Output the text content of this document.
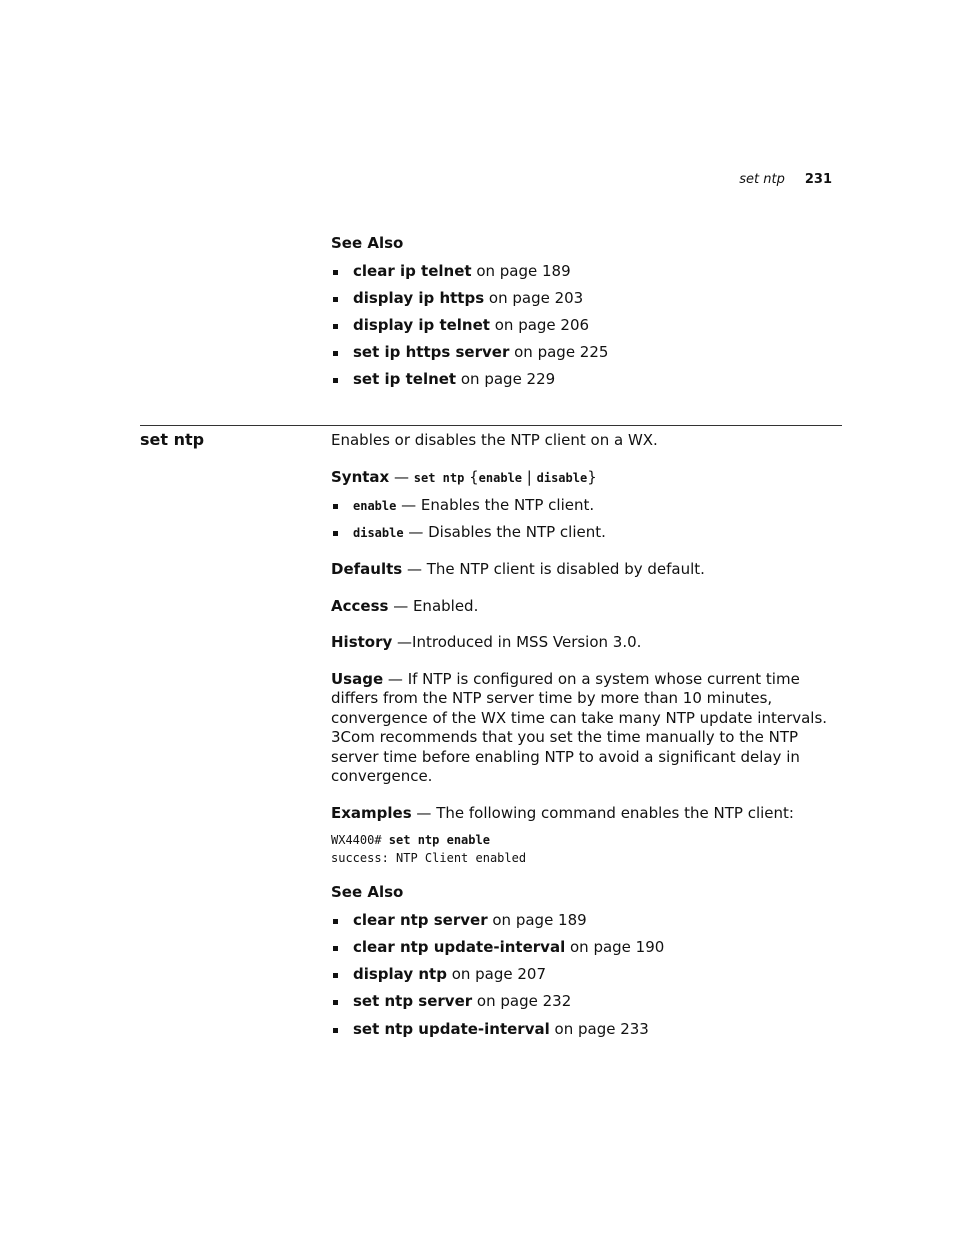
set ntp 231
See Also
clear ip telnet on page 189
display ip https on page 203
display ip telnet on page 206
set ip https server on page 225
set ip telnet on page 229
set ntp	Enables or disables the NTP client on a WX.

Syntax — set ntp {enable | disable}

enable — Enables the NTP client.
disable — Disables the NTP client.

Defaults — The NTP client is disabled by default.

Access — Enabled.

History —Introduced in MSS Version 3.0.

Usage — If NTP is configured on a system whose current time differs from the NTP server time by more than 10 minutes, convergence of the WX time can take many NTP update intervals. 3Com recommends that you set the time manually to the NTP server time before enabling NTP to avoid a significant delay in convergence.

Examples — The following command enables the NTP client:

WX4400# set ntp enable
success: NTP Client enabled
See Also
clear ntp server on page 189
clear ntp update-interval on page 190
display ntp on page 207
set ntp server on page 232
set ntp update-interval on page 233
